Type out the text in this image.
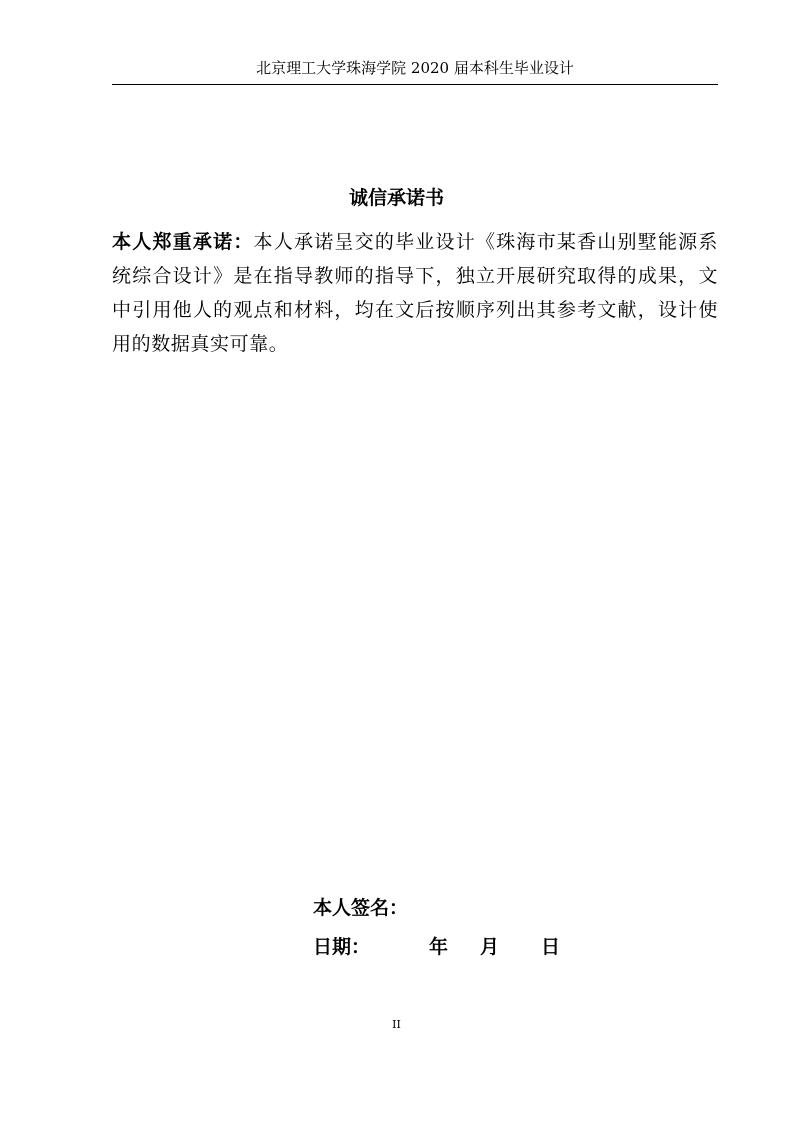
北京理工大学珠海学院 2020 届本科生毕业设计
诚信承诺书
本人郑重承诺：本人承诺呈交的毕业设计《珠海市某香山别墅能源系统综合设计》是在指导教师的指导下，独立开展研究取得的成果，文中引用他人的观点和材料，均在文后按顺序列出其参考文献，设计使用的数据真实可靠。
本人签名：
日期：	年 月 日
II
